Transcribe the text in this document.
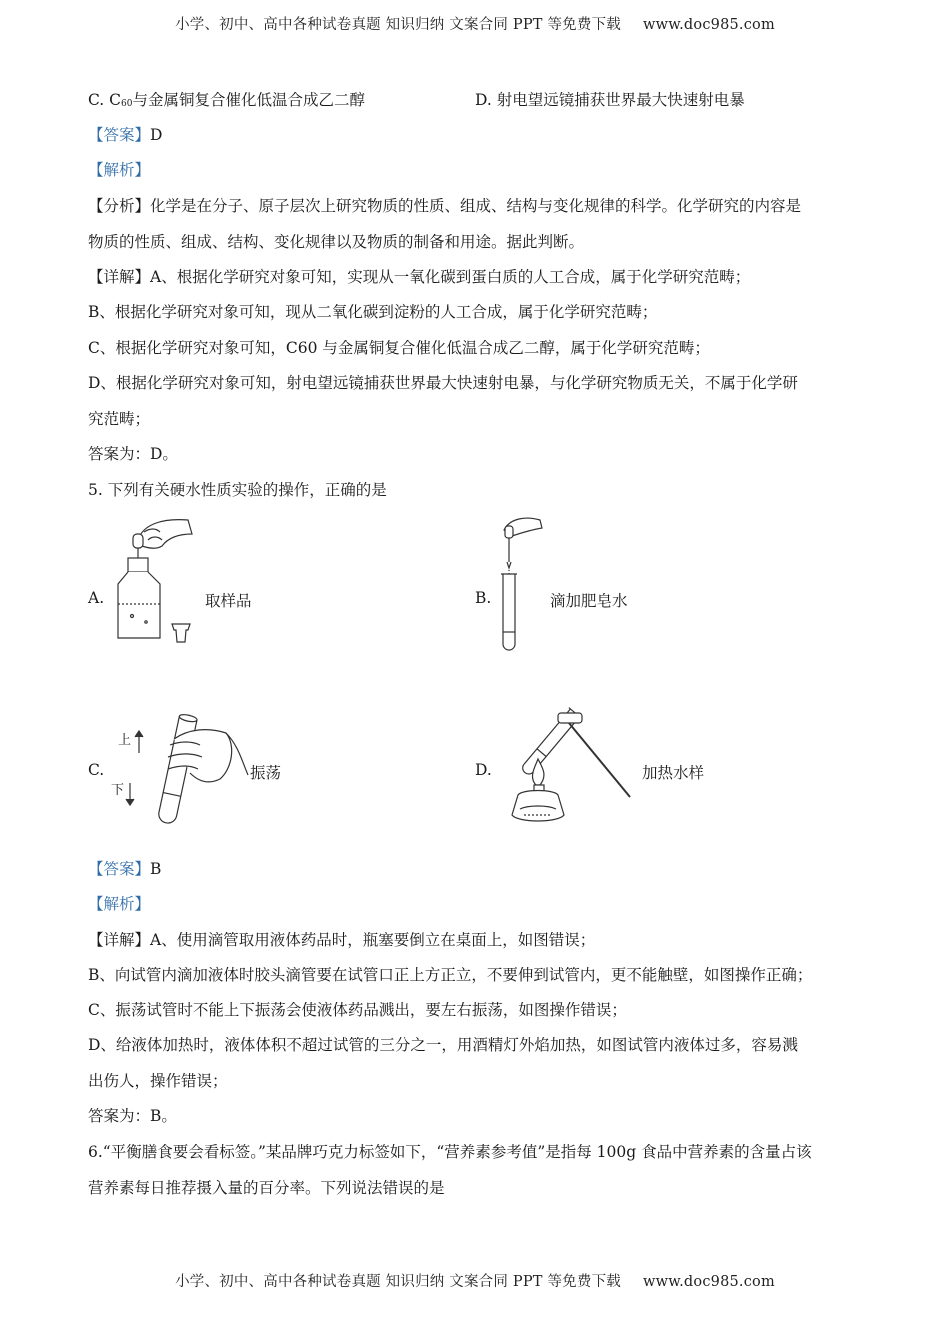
小学、初中、高中各种试卷真题 知识归纳 文案合同 PPT 等免费下载 www.doc985.com
C. $C_{60}$与金属铜复合催化低温合成乙二醇	D. 射电望远镜捕获世界最大快速射电暴
【答案】D
【解析】
【分析】化学是在分子、原子层次上研究物质的性质、组成、结构与变化规律的科学。化学研究的内容是
物质的性质、组成、结构、变化规律以及物质的制备和用途。据此判断。
【详解】A、根据化学研究对象可知，实现从一氧化碳到蛋白质的人工合成，属于化学研究范畴；
B、根据化学研究对象可知，现从二氧化碳到淀粉的人工合成，属于化学研究范畴；
C、根据化学研究对象可知，C60 与金属铜复合催化低温合成乙二醇，属于化学研究范畴；
D、根据化学研究对象可知，射电望远镜捕获世界最大快速射电暴，与化学研究物质无关，不属于化学研
究范畴；
答案为：D。
5. 下列有关硬水性质实验的操作，正确的是
A.	取样品	B.	滴加肥皂水
C.
上
下
振荡	D.	加热水样
【答案】B
【解析】
【详解】A、使用滴管取用液体药品时，瓶塞要倒立在桌面上，如图错误；
B、向试管内滴加液体时胶头滴管要在试管口正上方正立，不要伸到试管内，更不能触壁，如图操作正确；
C、振荡试管时不能上下振荡会使液体药品溅出，要左右振荡，如图操作错误；
D、给液体加热时，液体体积不超过试管的三分之一，用酒精灯外焰加热，如图试管内液体过多，容易溅
出伤人，操作错误；
答案为：B。
6.“平衡膳食要会看标签。”某品牌巧克力标签如下，“营养素参考值”是指每 100g 食品中营养素的含量占该
营养素每日推荐摄入量的百分率。下列说法错误的是
小学、初中、高中各种试卷真题 知识归纳 文案合同 PPT 等免费下载 www.doc985.com
